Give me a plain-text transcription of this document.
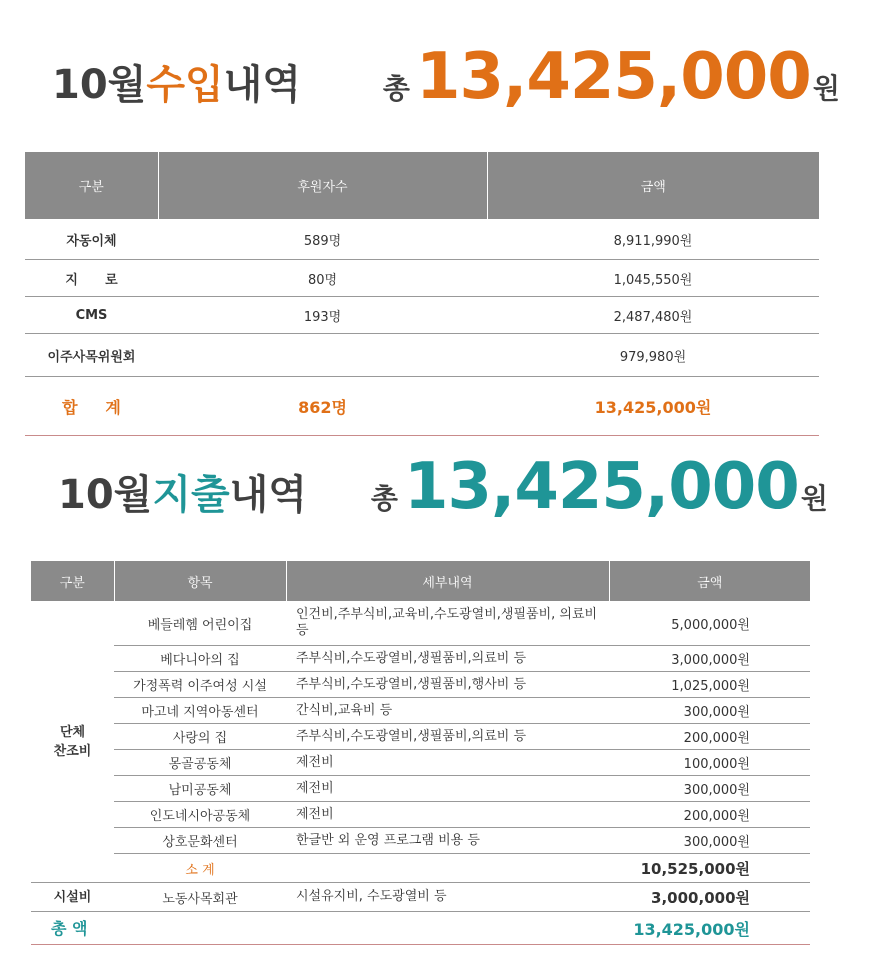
10월 수입 내역	총 13,425,000 원
구분	후원자수	금액
자동이체	589명	8,911,990원
지      로	80명	1,045,550원
CMS	193명	2,487,480원
이주사목위원회		979,980원
합     계	862명	13,425,000원
10월 지출 내역 총 13,425,000 원
구분	항목	세부내역	금액
단체
찬조비	베들레헴 어린이집	인건비,주부식비,교육비,수도광열비,생필품비, 의료비 등	5,000,000원
	베다니아의 집	주부식비,수도광열비,생필품비,의료비 등	3,000,000원
	가정폭력 이주여성 시설	주부식비,수도광열비,생필품비,행사비 등	1,025,000원
	마고네 지역아동센터	간식비,교육비 등	300,000원
	사랑의 집	주부식비,수도광열비,생필품비,의료비 등	200,000원
	몽골공동체	제전비	100,000원
	남미공동체	제전비	300,000원
	인도네시아공동체	제전비	200,000원
	상호문화센터	한글반 외 운영 프로그램 비용 등	300,000원
	소 계		10,525,000원
시설비	노동사목회관	시설유지비, 수도광열비 등	3,000,000원
총 액			13,425,000원
